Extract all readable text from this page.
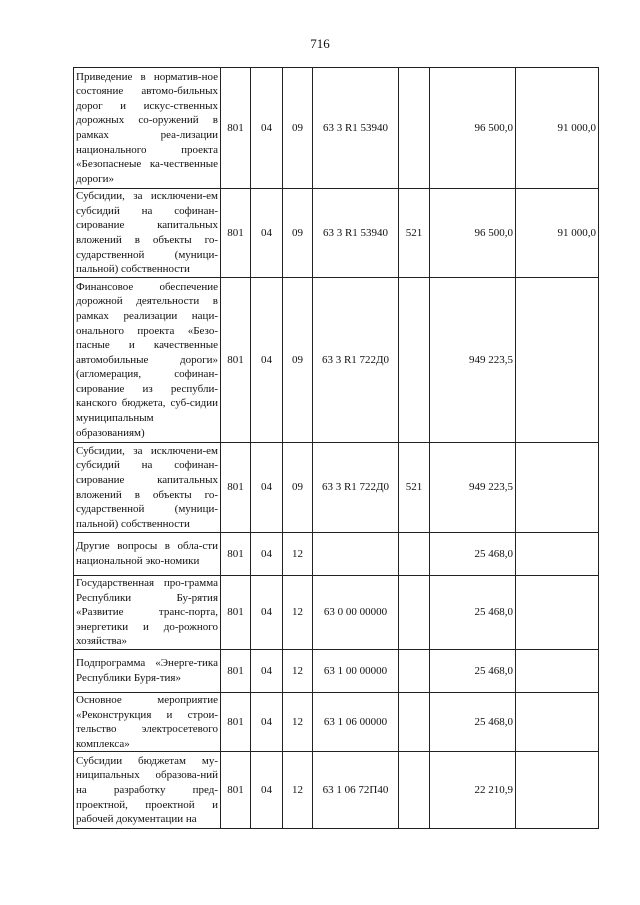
716
Приведение в норматив-ное состояние автомо-бильных дорог и искус-ственных дорожных со-оружений в рамках реа-лизации национального проекта «Безопаснеые ка-чественные дороги»	801	04	09	63 3 R1 53940		96 500,0	91 000,0
Субсидии, за исключени-ем субсидий на софинан-сирование капитальных вложений в объекты го-сударственной (муници-пальной) собственности	801	04	09	63 3 R1 53940	521	96 500,0	91 000,0
Финансовое обеспечение дорожной деятельности в рамках реализации наци-онального проекта «Безо-пасные и качественные автомобильные дороги» (агломерация, софинан-сирование из республи-канского бюджета, суб-сидии муниципальным образованиям)	801	04	09	63 3 R1 722Д0		949 223,5	
Субсидии, за исключени-ем субсидий на софинан-сирование капитальных вложений в объекты го-сударственной (муници-пальной) собственности	801	04	09	63 3 R1 722Д0	521	949 223,5	
Другие вопросы в обла-сти национальной эко-номики	801	04	12			25 468,0	
Государственная про-грамма Республики Бу-рятия «Развитие транс-порта, энергетики и до-рожного хозяйства»	801	04	12	63 0 00 00000		25 468,0	
Подпрограмма «Энерге-тика Республики Буря-тия»	801	04	12	63 1 00 00000		25 468,0	
Основное мероприятие «Реконструкция и строи-тельство электросетевого комплекса»	801	04	12	63 1 06 00000		25 468,0	
Субсидии бюджетам му-ниципальных образова-ний на разработку пред-проектной, проектной и рабочей документации на	801	04	12	63 1 06 72П40		22 210,9	
